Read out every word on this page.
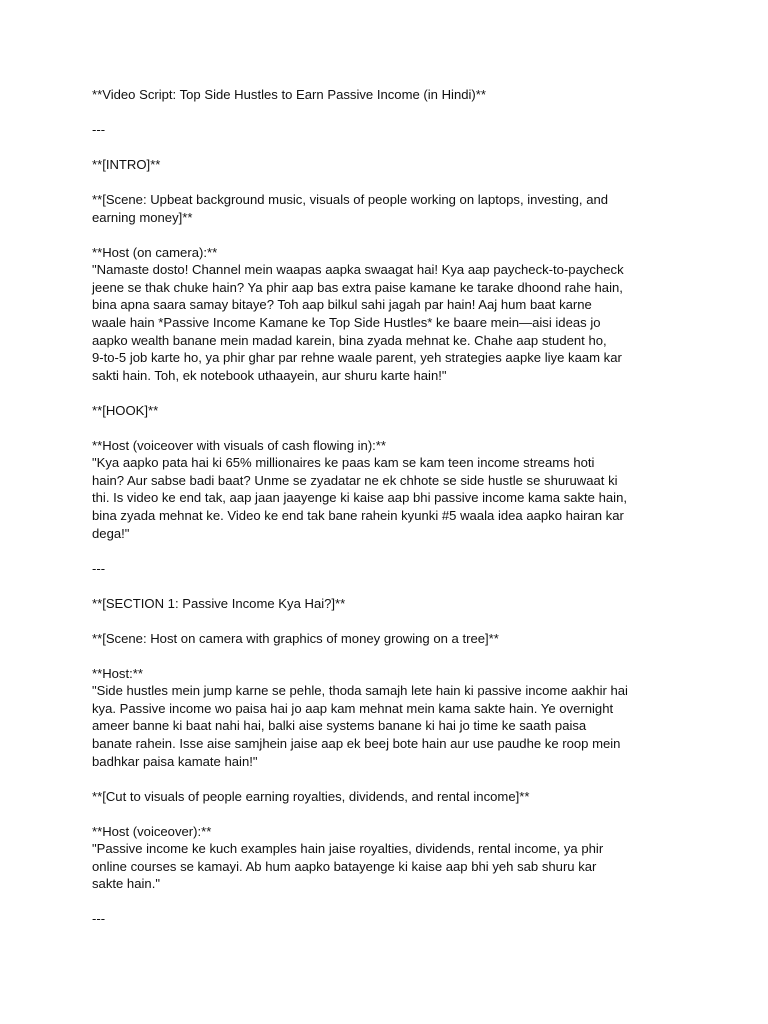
**Video Script: Top Side Hustles to Earn Passive Income (in Hindi)**
---
**[INTRO]**
**[Scene: Upbeat background music, visuals of people working on laptops, investing, and
earning money]**
**Host (on camera):**
"Namaste dosto! Channel mein waapas aapka swaagat hai! Kya aap paycheck-to-paycheck
jeene se thak chuke hain? Ya phir aap bas extra paise kamane ke tarake dhoond rahe hain,
bina apna saara samay bitaye? Toh aap bilkul sahi jagah par hain! Aaj hum baat karne
waale hain *Passive Income Kamane ke Top Side Hustles* ke baare mein—aisi ideas jo
aapko wealth banane mein madad karein, bina zyada mehnat ke. Chahe aap student ho,
9-to-5 job karte ho, ya phir ghar par rehne waale parent, yeh strategies aapke liye kaam kar
sakti hain. Toh, ek notebook uthaayein, aur shuru karte hain!"
**[HOOK]**
**Host (voiceover with visuals of cash flowing in):**
"Kya aapko pata hai ki 65% millionaires ke paas kam se kam teen income streams hoti
hain? Aur sabse badi baat? Unme se zyadatar ne ek chhote se side hustle se shuruwaat ki
thi. Is video ke end tak, aap jaan jaayenge ki kaise aap bhi passive income kama sakte hain,
bina zyada mehnat ke. Video ke end tak bane rahein kyunki #5 waala idea aapko hairan kar
dega!"
---
**[SECTION 1: Passive Income Kya Hai?]**
**[Scene: Host on camera with graphics of money growing on a tree]**
**Host:**
"Side hustles mein jump karne se pehle, thoda samajh lete hain ki passive income aakhir hai
kya. Passive income wo paisa hai jo aap kam mehnat mein kama sakte hain. Ye overnight
ameer banne ki baat nahi hai, balki aise systems banane ki hai jo time ke saath paisa
banate rahein. Isse aise samjhein jaise aap ek beej bote hain aur use paudhe ke roop mein
badhkar paisa kamate hain!"
**[Cut to visuals of people earning royalties, dividends, and rental income]**
**Host (voiceover):**
"Passive income ke kuch examples hain jaise royalties, dividends, rental income, ya phir
online courses se kamayi. Ab hum aapko batayenge ki kaise aap bhi yeh sab shuru kar
sakte hain."
---
